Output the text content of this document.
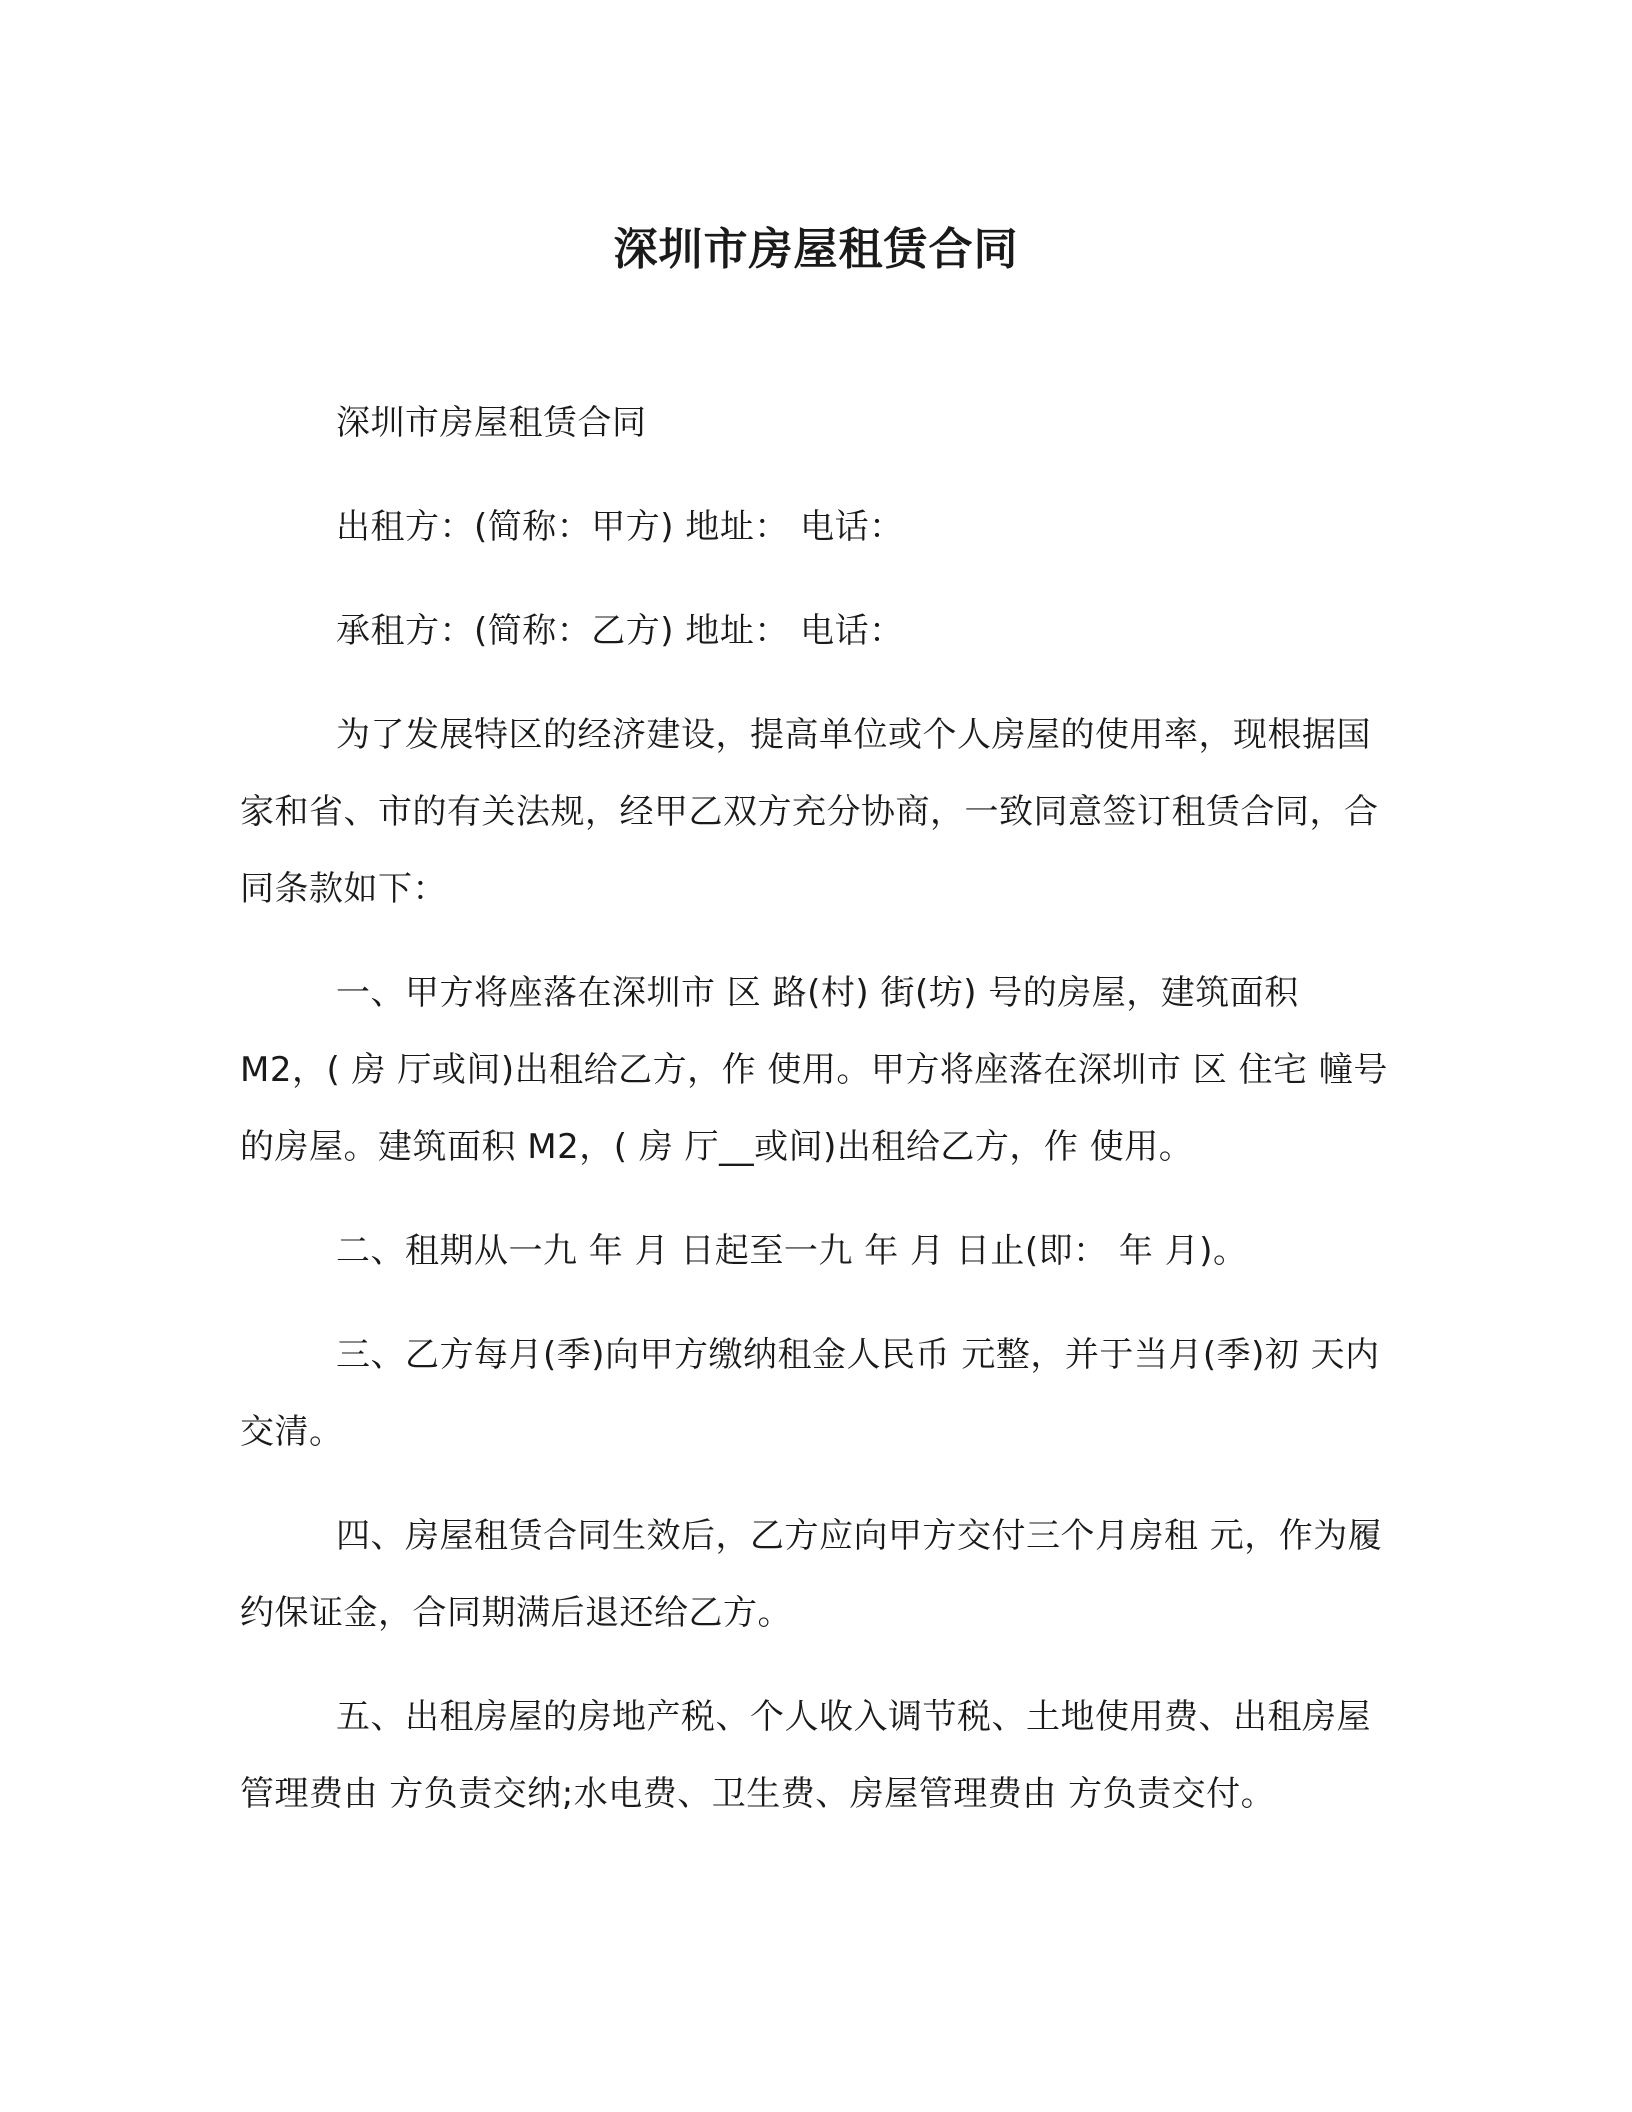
深圳市房屋租赁合同

深圳市房屋租赁合同

出租方：(简称：甲方) 地址： 电话：

承租方：(简称：乙方) 地址： 电话：

为了发展特区的经济建设，提高单位或个人房屋的使用率，现根据国家和省、市的有关法规，经甲乙双方充分协商，一致同意签订租赁合同，合同条款如下：

一、甲方将座落在深圳市 区 路(村) 街(坊) 号的房屋，建筑面积 M2，( 房 厅或间)出租给乙方，作 使用。甲方将座落在深圳市 区 住宅 幢号的房屋。建筑面积 M2，( 房 厅__或间)出租给乙方，作 使用。

二、租期从一九 年 月 日起至一九 年 月 日止(即： 年 月)。

三、乙方每月(季)向甲方缴纳租金人民币 元整，并于当月(季)初 天内交清。

四、房屋租赁合同生效后，乙方应向甲方交付三个月房租 元，作为履约保证金，合同期满后退还给乙方。

五、出租房屋的房地产税、个人收入调节税、土地使用费、出租房屋管理费由 方负责交纳;水电费、卫生费、房屋管理费由 方负责交付。
